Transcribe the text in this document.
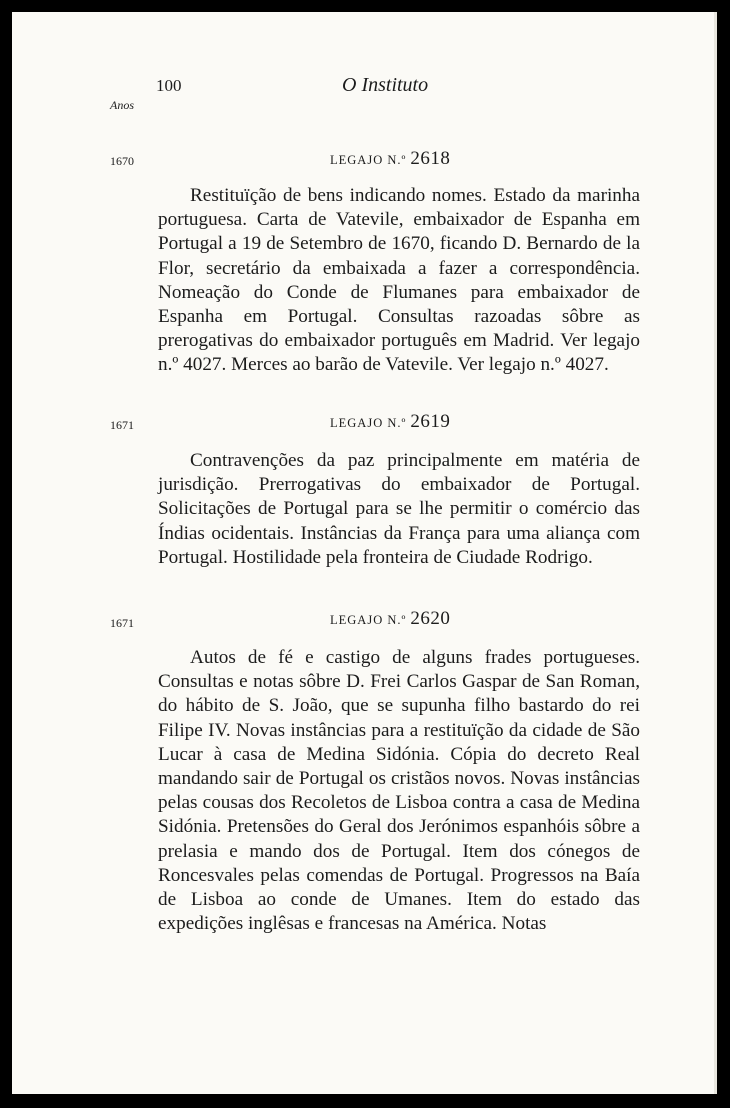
100	O Instituto
Anos
1670	LEGAJO N.º 2618

Restituïção de bens indicando nomes. Estado da marinha portuguesa. Carta de Vatevile, embaixador de Espanha em Portugal a 19 de Setembro de 1670, ficando D. Bernardo de la Flor, secretário da embaixada a fazer a correspondência. Nomeação do Conde de Flumanes para embaixador de Espanha em Portugal. Consultas razoadas sôbre as prerogativas do embaixador português em Madrid. Ver legajo n.º 4027. Merces ao barão de Vatevile. Ver legajo n.º 4027.

1671	LEGAJO N.º 2619

Contravenções da paz principalmente em matéria de jurisdição. Prerrogativas do embaixador de Portugal. Solicitações de Portugal para se lhe permitir o comércio das Índias ocidentais. Instâncias da França para uma aliança com Portugal. Hostilidade pela fronteira de Ciudade Rodrigo.

1671	LEGAJO N.º 2620

Autos de fé e castigo de alguns frades portugueses. Consultas e notas sôbre D. Frei Carlos Gaspar de San Roman, do hábito de S. João, que se supunha filho bastardo do rei Filipe IV. Novas instâncias para a restituïção da cidade de São Lucar à casa de Medina Sidónia. Cópia do decreto Real mandando sair de Portugal os cristãos novos. Novas instâncias pelas cousas dos Recoletos de Lisboa contra a casa de Medina Sidónia. Pretensões do Geral dos Jerónimos espanhóis sôbre a prelasia e mando dos de Portugal. Item dos cónegos de Roncesvales pelas comendas de Portugal. Progressos na Baía de Lisboa ao conde de Umanes. Item do estado das expedições inglêsas e francesas na América. Notas
